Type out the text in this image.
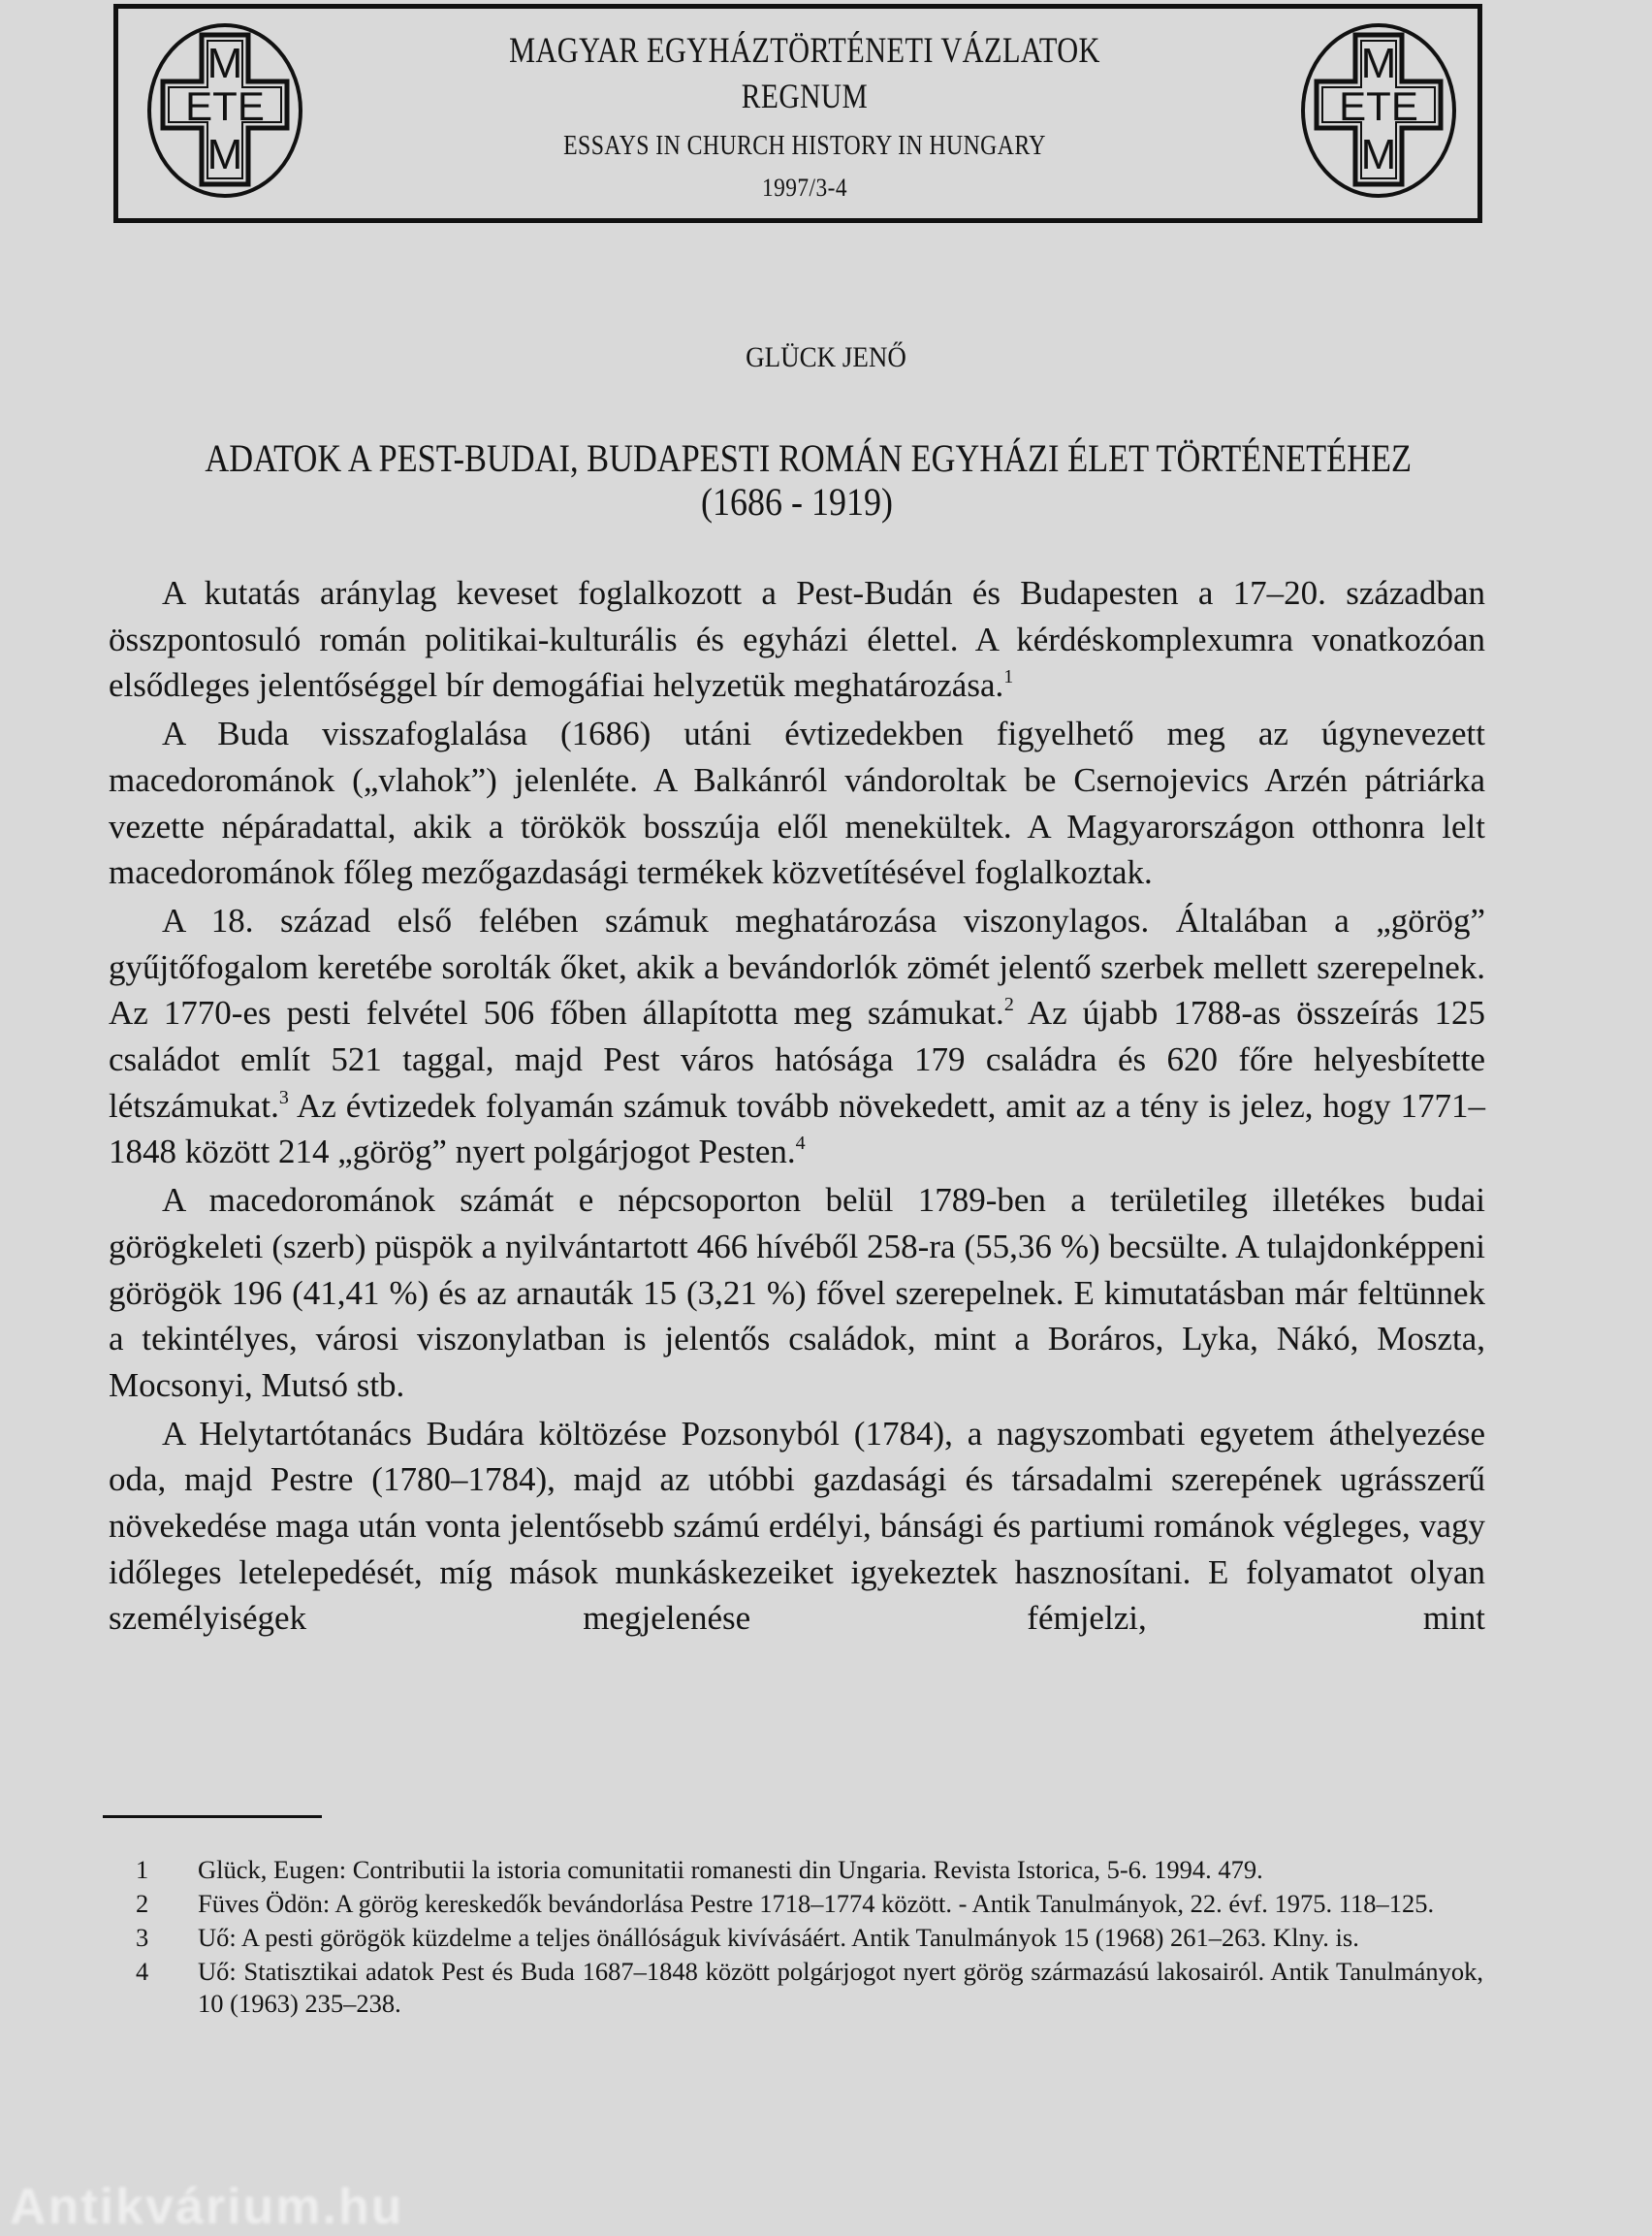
M
ETE
M
M
ETE
M
MAGYAR EGYHÁZTÖRTÉNETI VÁZLATOK
REGNUM
ESSAYS IN CHURCH HISTORY IN HUNGARY
1997/3-4
GLÜCK JENŐ
ADATOK A PEST-BUDAI, BUDAPESTI ROMÁN EGYHÁZI ÉLET TÖRTÉNETÉHEZ
(1686 - 1919)

A kutatás aránylag keveset foglalkozott a Pest-Budán és Budapesten a 17–20. században összpontosuló román politikai-kulturális és egyházi élettel. A kérdéskomplexumra vonatkozóan elsődleges jelentőséggel bír demogáfiai helyzetük meghatározása.$^1$

A Buda visszafoglalása (1686) utáni évtizedekben figyelhető meg az úgynevezett macedorománok („vlahok”) jelenléte. A Balkánról vándoroltak be Csernojevics Arzén pátriárka vezette népáradattal, akik a törökök bosszúja elől menekültek. A Magyarországon otthonra lelt macedorománok főleg mezőgazdasági termékek közvetítésével foglalkoztak.

A 18. század első felében számuk meghatározása viszonylagos. Általában a „görög” gyűjtőfogalom keretébe sorolták őket, akik a bevándorlók zömét jelentő szerbek mellett szerepelnek. Az 1770-es pesti felvétel 506 főben állapította meg számukat.$^2$ Az újabb 1788-as összeírás 125 családot említ 521 taggal, majd Pest város hatósága 179 családra és 620 főre helyesbítette létszámukat.$^3$ Az évtizedek folyamán számuk tovább növekedett, amit az a tény is jelez, hogy 1771–1848 között 214 „görög” nyert polgárjogot Pesten.$^4$

A macedorománok számát e népcsoporton belül 1789-ben a területileg illetékes budai görögkeleti (szerb) püspök a nyilvántartott 466 hívéből 258-ra (55,36 %) becsülte. A tulajdonképpeni görögök 196 (41,41 %) és az arnauták 15 (3,21 %) fővel szerepelnek. E kimutatásban már feltünnek a tekintélyes, városi viszonylatban is jelentős családok, mint a Boráros, Lyka, Nákó, Moszta, Mocsonyi, Mutsó stb.

A Helytartótanács Budára költözése Pozsonyból (1784), a nagyszombati egyetem áthelyezése oda, majd Pestre (1780–1784), majd az utóbbi gazdasági és társadalmi szerepének ugrásszerű növekedése maga után vonta jelentősebb számú erdélyi, bánsági és partiumi románok végleges, vagy időleges letelepedését, míg mások munkáskezeiket igyekeztek hasznosítani. E folyamatot olyan személyiségek megjelenése fémjelzi, mint

1	Glück, Eugen: Contributii la istoria comunitatii romanesti din Ungaria. Revista Istorica, 5-6. 1994. 479.
2	Füves Ödön: A görög kereskedők bevándorlása Pestre 1718–1774 között. - Antik Tanulmányok, 22. évf. 1975. 118–125.
3	Uő: A pesti görögök küzdelme a teljes önállóságuk kivívásáért. Antik Tanulmányok 15 (1968) 261–263. Klny. is.
4	Uő: Statisztikai adatok Pest és Buda 1687–1848 között polgárjogot nyert görög származású lakosairól. Antik Tanulmányok, 10 (1963) 235–238.
Antikvárium.hu
